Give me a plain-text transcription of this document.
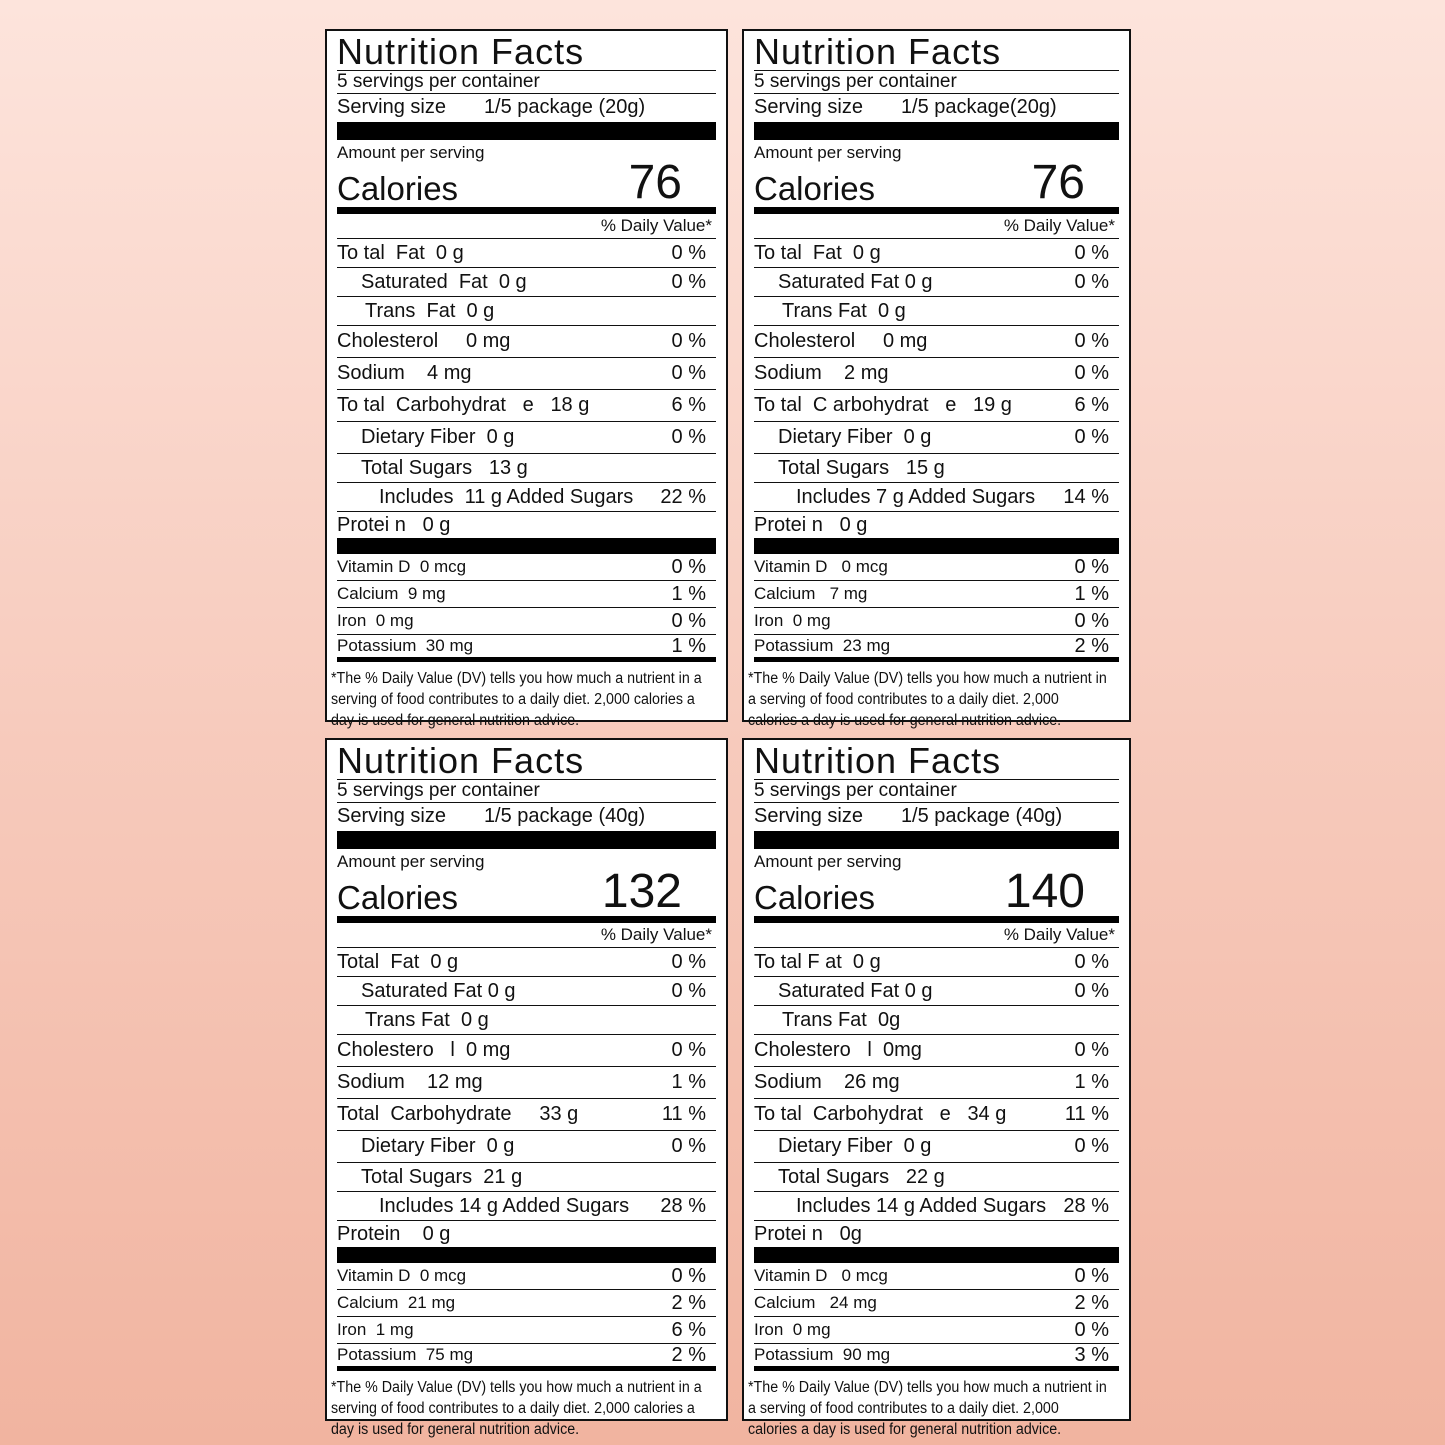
Nutrition Facts
5 servings per container
Serving size 1/5 package (20g)
Amount per serving
Calories	76
% Daily Value*
To tal  Fat  0 g	0 %
Saturated  Fat  0 g	0 %
Trans  Fat  0 g
Cholesterol     0 mg	0 %
Sodium    4 mg	0 %
To tal  Carbohydrat   e   18 g	6 %
Dietary Fiber  0 g	0 %
Total Sugars   13 g
Includes  11 g Added Sugars 22 %
Protei n   0 g
Vitamin D  0 mcg	0 %
Calcium  9 mg	1 %
Iron  0 mg	0 %
Potassium  30 mg	1 %
*The % Daily Value (DV) tells you how much a nutrient in a serving of food contributes to a daily diet. 2,000 calories a day is used for general nutrition advice.
Nutrition Facts
5 servings per container
Serving size 1/5 package(20g)
Amount per serving
Calories	76
% Daily Value*
To tal  Fat  0 g	0 %
Saturated Fat 0 g	0 %
Trans Fat  0 g
Cholesterol     0 mg	0 %
Sodium    2 mg	0 %
To tal  C arbohydrat   e   19 g	6 %
Dietary Fiber  0 g	0 %
Total Sugars   15 g
Includes 7 g Added Sugars 14 %
Protei n   0 g
Vitamin D   0 mcg	0 %
Calcium   7 mg	1 %
Iron  0 mg	0 %
Potassium  23 mg	2 %
*The % Daily Value (DV) tells you how much a nutrient in a serving of food contributes to a daily diet. 2,000 calories a day is used for general nutrition advice.
Nutrition Facts
5 servings per container
Serving size 1/5 package (40g)
Amount per serving
Calories	132
% Daily Value*
Total  Fat  0 g	0 %
Saturated Fat 0 g	0 %
Trans Fat  0 g
Cholestero   l  0 mg	0 %
Sodium    12 mg	1 %
Total  Carbohydrate     33 g	11 %
Dietary Fiber  0 g	0 %
Total Sugars  21 g
Includes 14 g Added Sugars 28 %
Protein    0 g
Vitamin D  0 mcg	0 %
Calcium  21 mg	2 %
Iron  1 mg	6 %
Potassium  75 mg	2 %
*The % Daily Value (DV) tells you how much a nutrient in a serving of food contributes to a daily diet. 2,000 calories a day is used for general nutrition advice.
Nutrition Facts
5 servings per container
Serving size 1/5 package (40g)
Amount per serving
Calories	140
% Daily Value*
To tal F at  0 g	0 %
Saturated Fat 0 g	0 %
Trans Fat  0g
Cholestero   l  0mg	0 %
Sodium    26 mg	1 %
To tal  Carbohydrat   e   34 g	11 %
Dietary Fiber  0 g	0 %
Total Sugars   22 g
Includes 14 g Added Sugars 28 %
Protei n   0g
Vitamin D   0 mcg	0 %
Calcium   24 mg	2 %
Iron  0 mg	0 %
Potassium  90 mg	3 %
*The % Daily Value (DV) tells you how much a nutrient in a serving of food contributes to a daily diet. 2,000 calories a day is used for general nutrition advice.
